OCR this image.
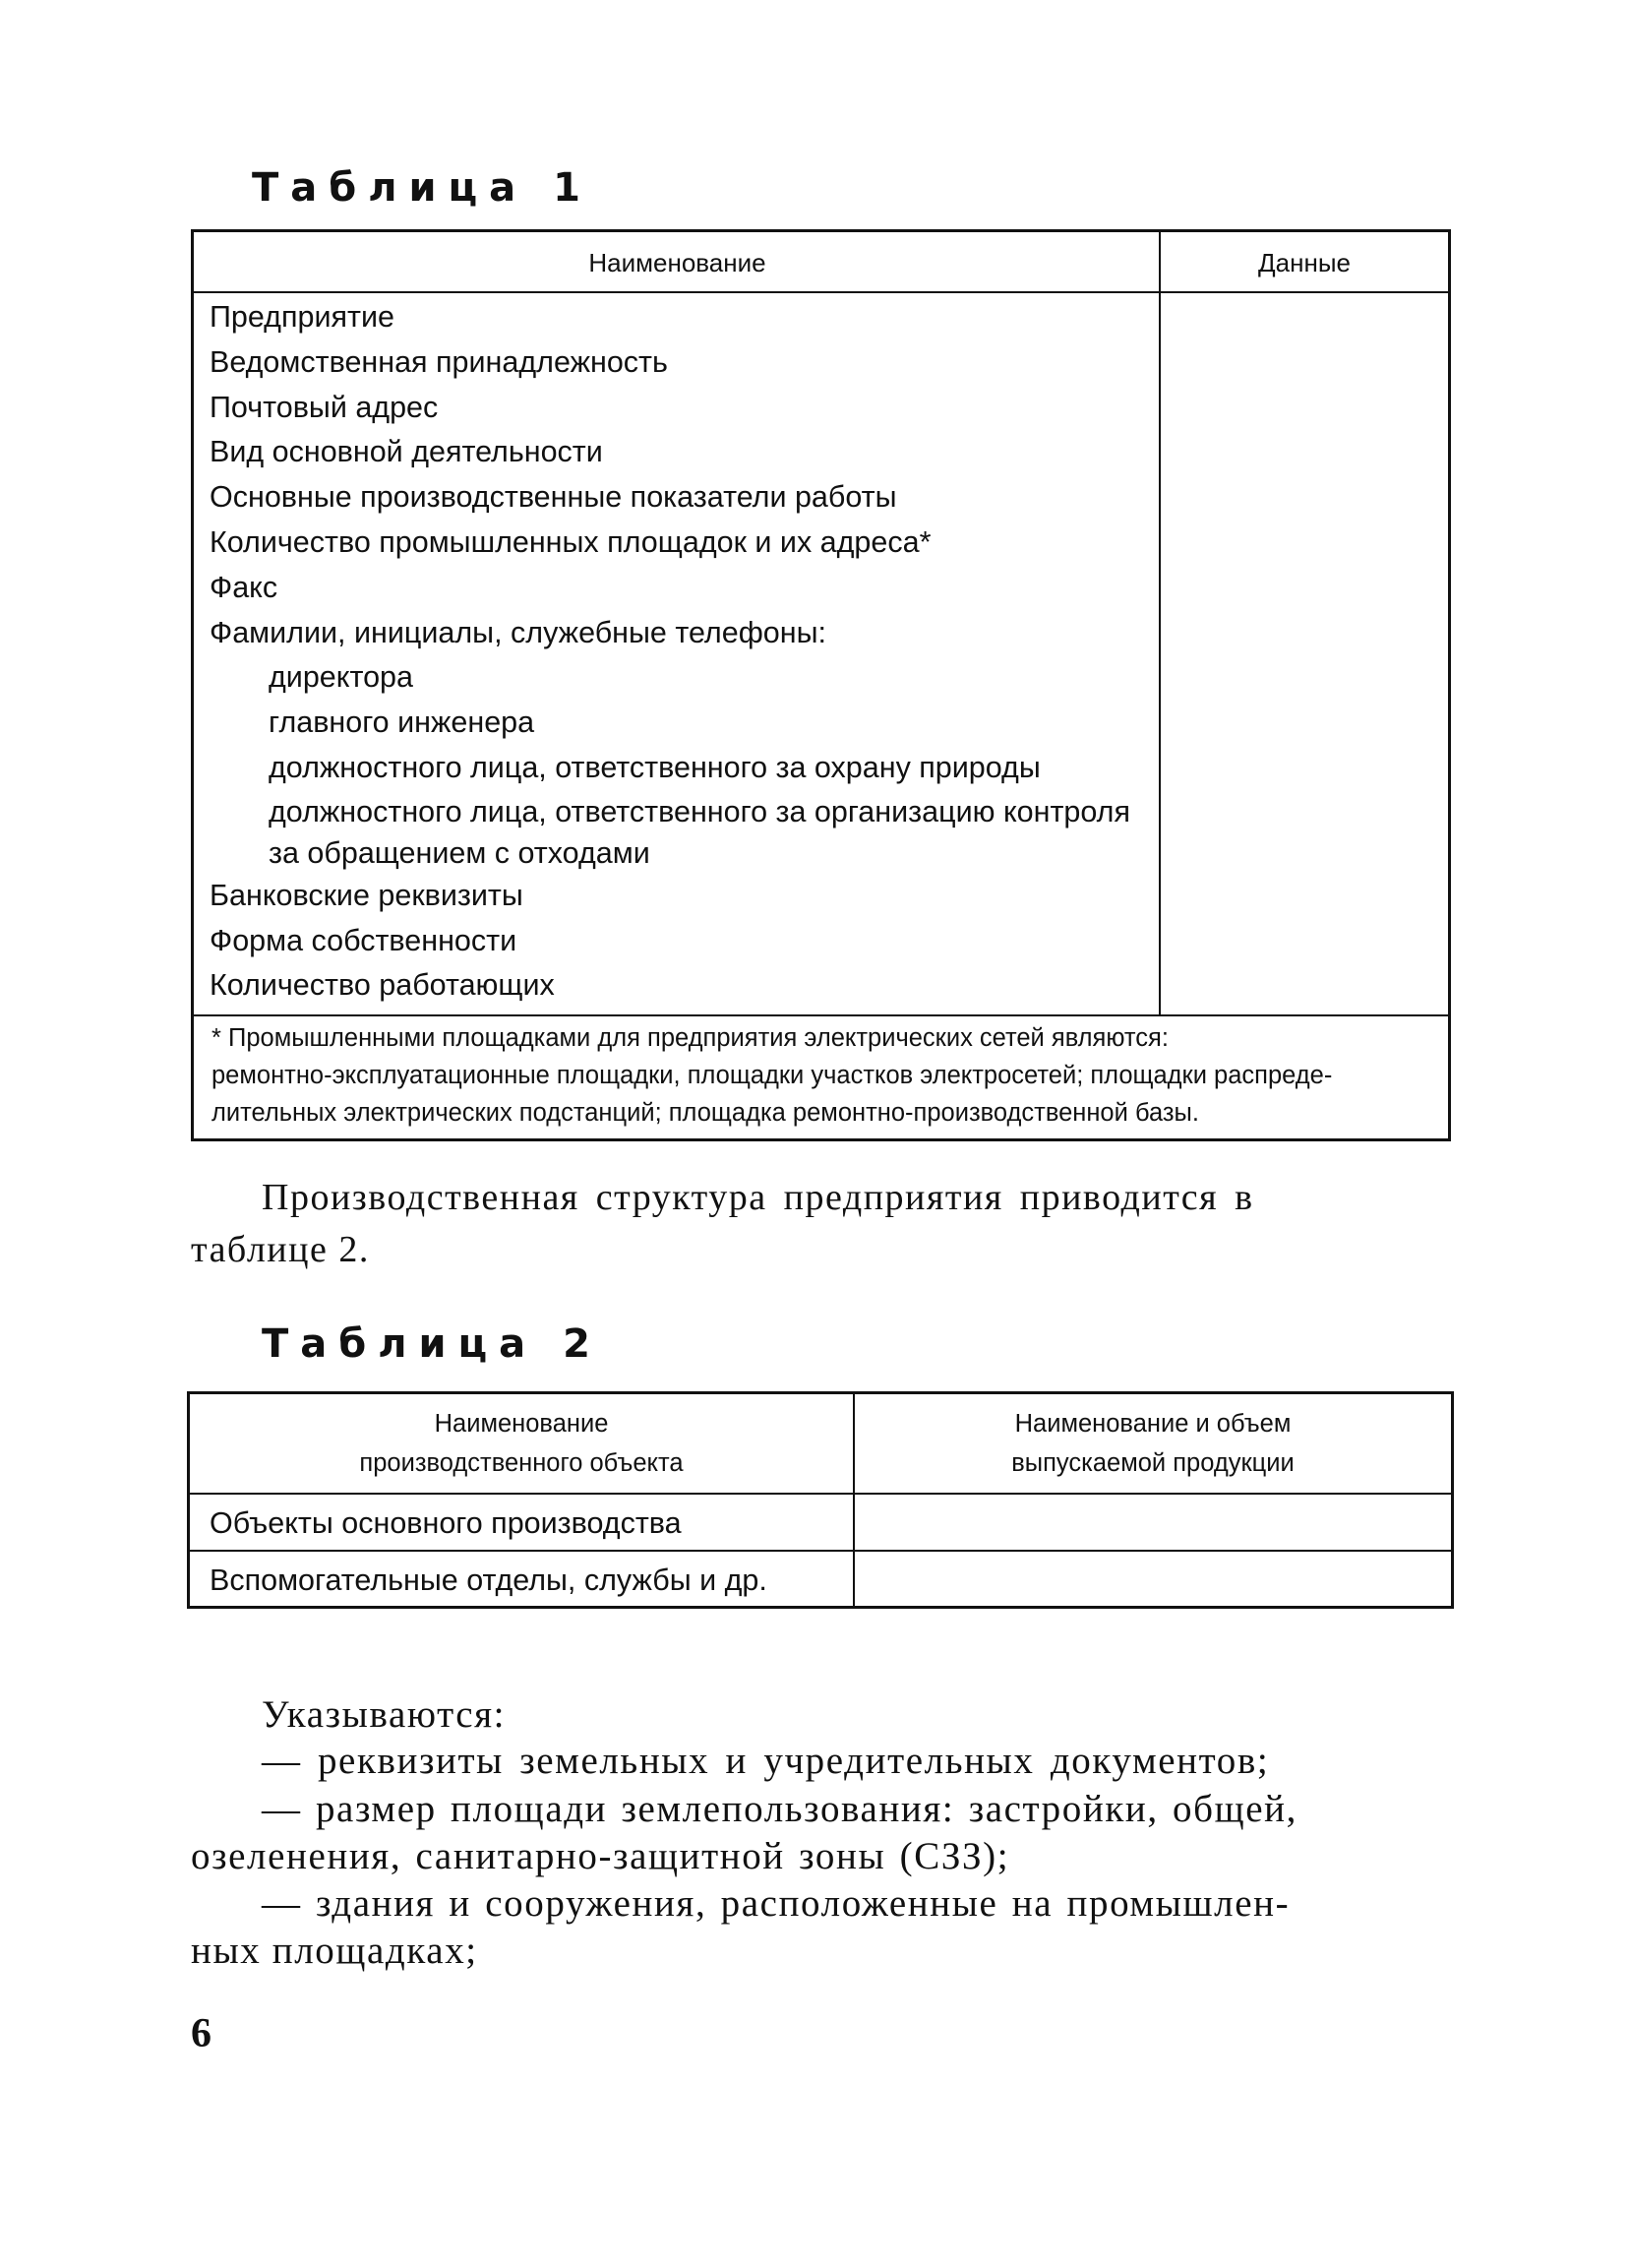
Таблица 1
Наименование	Данные
Предприятие
Ведомственная принадлежность
Почтовый адрес
Вид основной деятельности
Основные производственные показатели работы
Количество промышленных площадок и их адреса*
Факс
Фамилии, инициалы, служебные телефоны:
директора
главного инженера
должностного лица, ответственного за охрану природы
должностного лица, ответственного за организацию контроля
за обращением с отходами
Банковские реквизиты
Форма собственности
Количество работающих
* Промышленными площадками для предприятия электрических сетей являются:
ремонтно-эксплуатационные площадки, площадки участков электросетей; площадки распреде-
лительных электрических подстанций; площадка ремонтно-производственной базы.
Производственная структура предприятия приводится в
таблице 2.
Таблица 2
Наименование
производственного объекта
Наименование и объем
выпускаемой продукции
Объекты основного производства
Вспомогательные отделы, службы и др.
Указываются:
— реквизиты земельных и учредительных документов;
— размер площади землепользования: застройки, общей,
озеленения, санитарно-защитной зоны (СЗЗ);
— здания и сооружения, расположенные на промышлен-
ных площадках;
6
